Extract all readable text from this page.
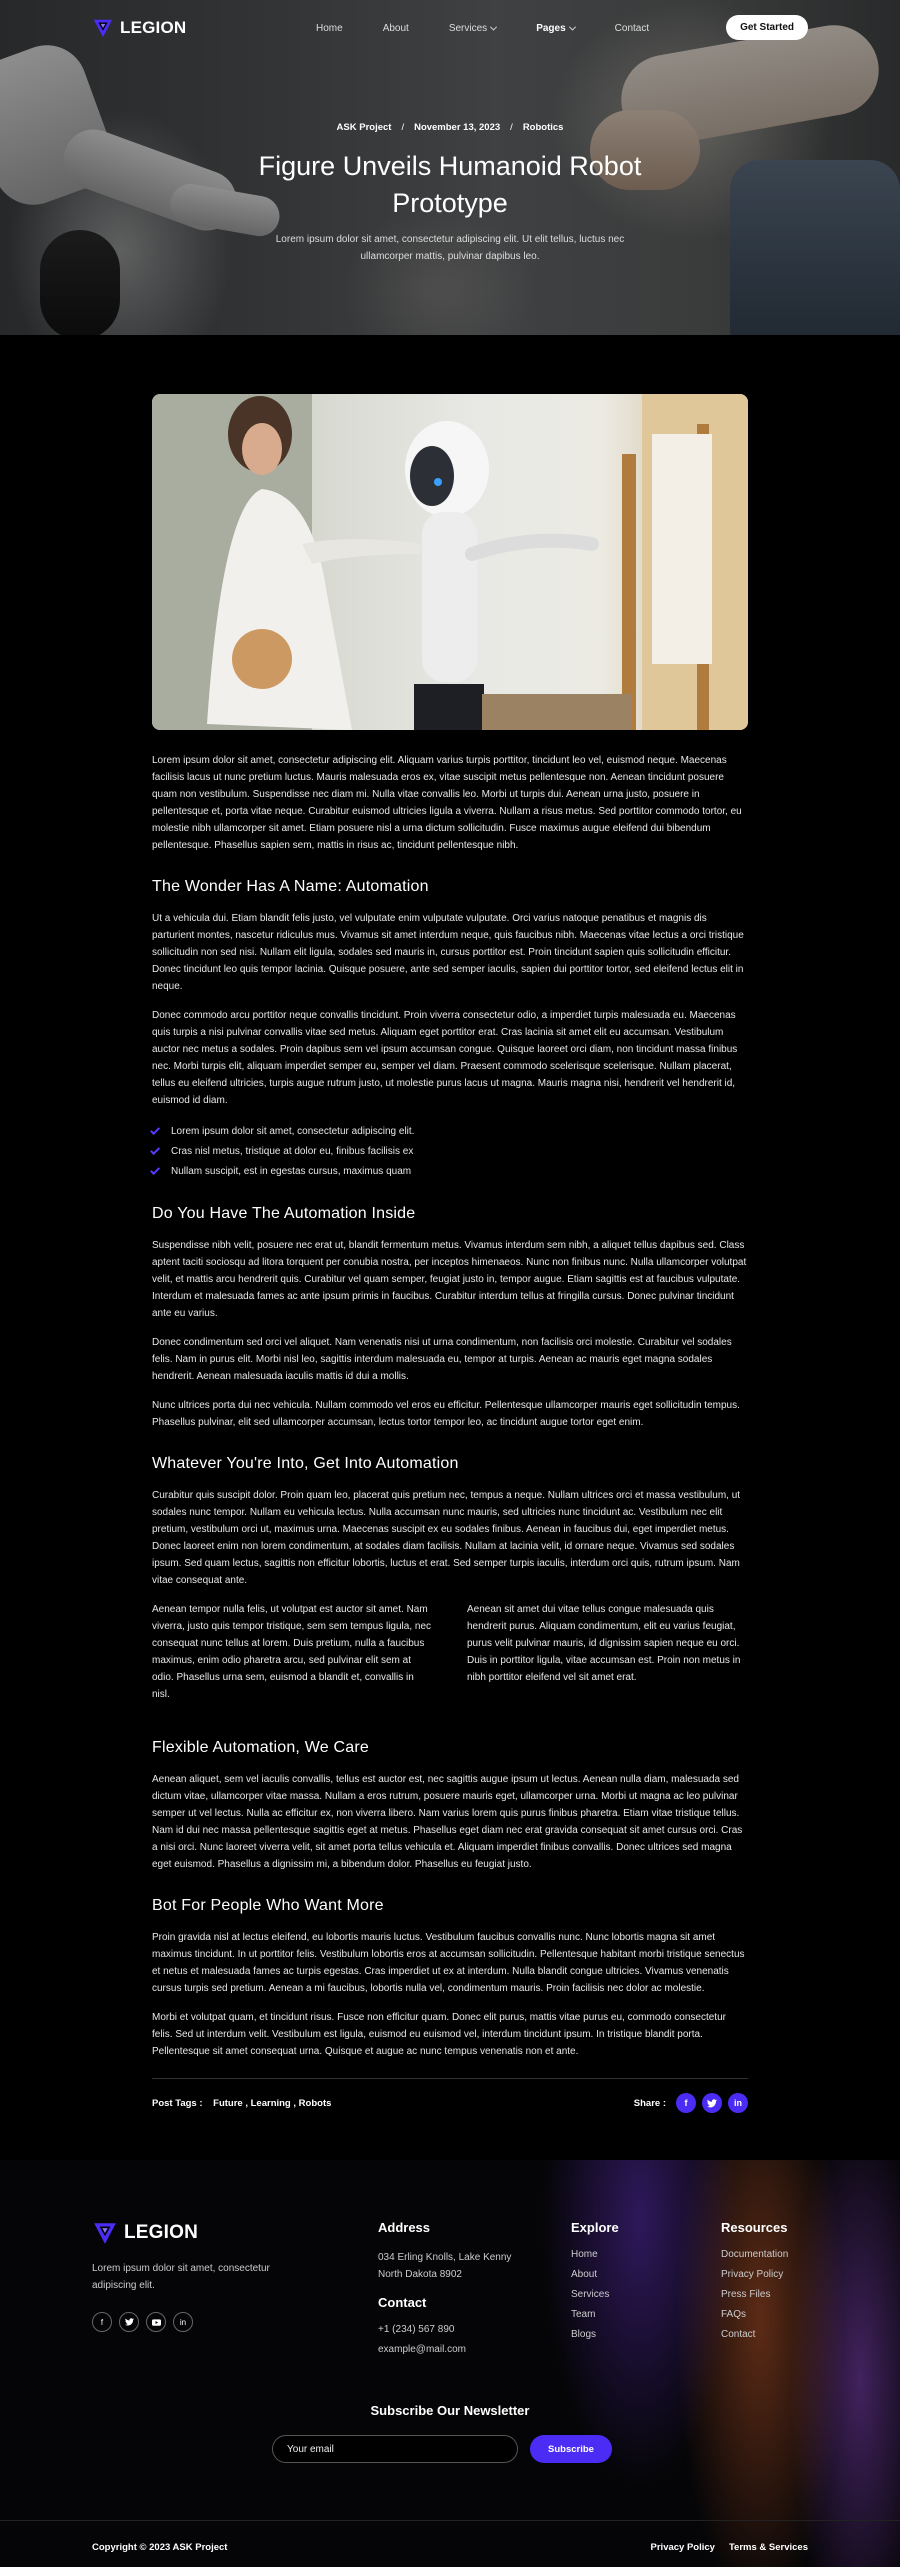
LEGION	Home	About	Services	Pages	Contact	Get Started
ASK Project / November 13, 2023 / Robotics
Figure Unveils Humanoid Robot Prototype

Lorem ipsum dolor sit amet, consectetur adipiscing elit. Ut elit tellus, luctus nec ullamcorper mattis, pulvinar dapibus leo.

Lorem ipsum dolor sit amet, consectetur adipiscing elit. Aliquam varius turpis porttitor, tincidunt leo vel, euismod neque. Maecenas facilisis lacus ut nunc pretium luctus. Mauris malesuada eros ex, vitae suscipit metus pellentesque non. Aenean tincidunt posuere quam non vestibulum. Suspendisse nec diam mi. Nulla vitae convallis leo. Morbi ut turpis dui. Aenean urna justo, posuere in pellentesque et, porta vitae neque. Curabitur euismod ultricies ligula a viverra. Nullam a risus metus. Sed porttitor commodo tortor, eu molestie nibh ullamcorper sit amet. Etiam posuere nisl a urna dictum sollicitudin. Fusce maximus augue eleifend dui bibendum pellentesque. Phasellus sapien sem, mattis in risus ac, tincidunt pellentesque nibh.

The Wonder Has A Name: Automation

Ut a vehicula dui. Etiam blandit felis justo, vel vulputate enim vulputate vulputate. Orci varius natoque penatibus et magnis dis parturient montes, nascetur ridiculus mus. Vivamus sit amet interdum neque, quis faucibus nibh. Maecenas vitae lectus a orci tristique sollicitudin non sed nisi. Nullam elit ligula, sodales sed mauris in, cursus porttitor est. Proin tincidunt sapien quis sollicitudin efficitur. Donec tincidunt leo quis tempor lacinia. Quisque posuere, ante sed semper iaculis, sapien dui porttitor tortor, sed eleifend lectus elit in neque.

Donec commodo arcu porttitor neque convallis tincidunt. Proin viverra consectetur odio, a imperdiet turpis malesuada eu. Maecenas quis turpis a nisi pulvinar convallis vitae sed metus. Aliquam eget porttitor erat. Cras lacinia sit amet elit eu accumsan. Vestibulum auctor nec metus a sodales. Proin dapibus sem vel ipsum accumsan congue. Quisque laoreet orci diam, non tincidunt massa finibus nec. Morbi turpis elit, aliquam imperdiet semper eu, semper vel diam. Praesent commodo scelerisque scelerisque. Nullam placerat, tellus eu eleifend ultricies, turpis augue rutrum justo, ut molestie purus lacus ut magna. Mauris magna nisi, hendrerit vel hendrerit id, euismod id diam.

Lorem ipsum dolor sit amet, consectetur adipiscing elit.
Cras nisl metus, tristique at dolor eu, finibus facilisis ex
Nullam suscipit, est in egestas cursus, maximus quam
Do You Have The Automation Inside

Suspendisse nibh velit, posuere nec erat ut, blandit fermentum metus. Vivamus interdum sem nibh, a aliquet tellus dapibus sed. Class aptent taciti sociosqu ad litora torquent per conubia nostra, per inceptos himenaeos. Nunc non finibus nunc. Nulla ullamcorper volutpat velit, et mattis arcu hendrerit quis. Curabitur vel quam semper, feugiat justo in, tempor augue. Etiam sagittis est at faucibus vulputate. Interdum et malesuada fames ac ante ipsum primis in faucibus. Curabitur interdum tellus at fringilla cursus. Donec pulvinar tincidunt ante eu varius.

Donec condimentum sed orci vel aliquet. Nam venenatis nisi ut urna condimentum, non facilisis orci molestie. Curabitur vel sodales felis. Nam in purus elit. Morbi nisl leo, sagittis interdum malesuada eu, tempor at turpis. Aenean ac mauris eget magna sodales hendrerit. Aenean malesuada iaculis mattis id dui a mollis.

Nunc ultrices porta dui nec vehicula. Nullam commodo vel eros eu efficitur. Pellentesque ullamcorper mauris eget sollicitudin tempus. Phasellus pulvinar, elit sed ullamcorper accumsan, lectus tortor tempor leo, ac tincidunt augue tortor eget enim.

Whatever You're Into, Get Into Automation

Curabitur quis suscipit dolor. Proin quam leo, placerat quis pretium nec, tempus a neque. Nullam ultrices orci et massa vestibulum, ut sodales nunc tempor. Nullam eu vehicula lectus. Nulla accumsan nunc mauris, sed ultricies nunc tincidunt ac. Vestibulum nec elit pretium, vestibulum orci ut, maximus urna. Maecenas suscipit ex eu sodales finibus. Aenean in faucibus dui, eget imperdiet metus. Donec laoreet enim non lorem condimentum, at sodales diam facilisis. Nullam at lacinia velit, id ornare neque. Vivamus sed sodales ipsum. Sed quam lectus, sagittis non efficitur lobortis, luctus et erat. Sed semper turpis iaculis, interdum orci quis, rutrum ipsum. Nam vitae consequat ante.

Aenean tempor nulla felis, ut volutpat est auctor sit amet. Nam viverra, justo quis tempor tristique, sem sem tempus ligula, nec consequat nunc tellus at lorem. Duis pretium, nulla a faucibus maximus, enim odio pharetra arcu, sed pulvinar elit sem at odio. Phasellus urna sem, euismod a blandit et, convallis in nisl.

Aenean sit amet dui vitae tellus congue malesuada quis hendrerit purus. Aliquam condimentum, elit eu varius feugiat, purus velit pulvinar mauris, id dignissim sapien neque eu orci. Duis in porttitor ligula, vitae accumsan est. Proin non metus in nibh porttitor eleifend vel sit amet erat.

Flexible Automation, We Care

Aenean aliquet, sem vel iaculis convallis, tellus est auctor est, nec sagittis augue ipsum ut lectus. Aenean nulla diam, malesuada sed dictum vitae, ullamcorper vitae massa. Nullam a eros rutrum, posuere mauris eget, ullamcorper urna. Morbi ut magna ac leo pulvinar semper ut vel lectus. Nulla ac efficitur ex, non viverra libero. Nam varius lorem quis purus finibus pharetra. Etiam vitae tristique tellus. Nam id dui nec massa pellentesque sagittis eget at metus. Phasellus eget diam nec erat gravida consequat sit amet cursus orci. Cras a nisi orci. Nunc laoreet viverra velit, sit amet porta tellus vehicula et. Aliquam imperdiet finibus convallis. Donec ultrices sed magna eget euismod. Phasellus a dignissim mi, a bibendum dolor. Phasellus eu feugiat justo.

Bot For People Who Want More

Proin gravida nisl at lectus eleifend, eu lobortis mauris luctus. Vestibulum faucibus convallis nunc. Nunc lobortis magna sit amet maximus tincidunt. In ut porttitor felis. Vestibulum lobortis eros at accumsan sollicitudin. Pellentesque habitant morbi tristique senectus et netus et malesuada fames ac turpis egestas. Cras imperdiet ut ex at interdum. Nulla blandit congue ultricies. Vivamus venenatis cursus turpis sed pretium. Aenean a mi faucibus, lobortis nulla vel, condimentum mauris. Proin facilisis nec dolor ac molestie.

Morbi et volutpat quam, et tincidunt risus. Fusce non efficitur quam. Donec elit purus, mattis vitae purus eu, commodo consectetur felis. Sed ut interdum velit. Vestibulum est ligula, euismod eu euismod vel, interdum tincidunt ipsum. In tristique blandit porta. Pellentesque sit amet consequat urna. Quisque et augue ac nunc tempus venenatis non et ante.

Post Tags : Future , Learning , Robots	Share :	f	in
LEGION

Lorem ipsum dolor sit amet, consectetur adipiscing elit.

f	in
Address
034 Erling Knolls, Lake Kenny
North Dakota 8902
Contact
+1 (234) 567 890
example@mail.com
Explore
Home
About
Services
Team
Blogs
Resources
Documentation
Privacy Policy
Press Files
FAQs
Contact
Subscribe Our Newsletter
Your email
Subscribe
Copyright © 2023 ASK Project	Privacy Policy Terms & Services
